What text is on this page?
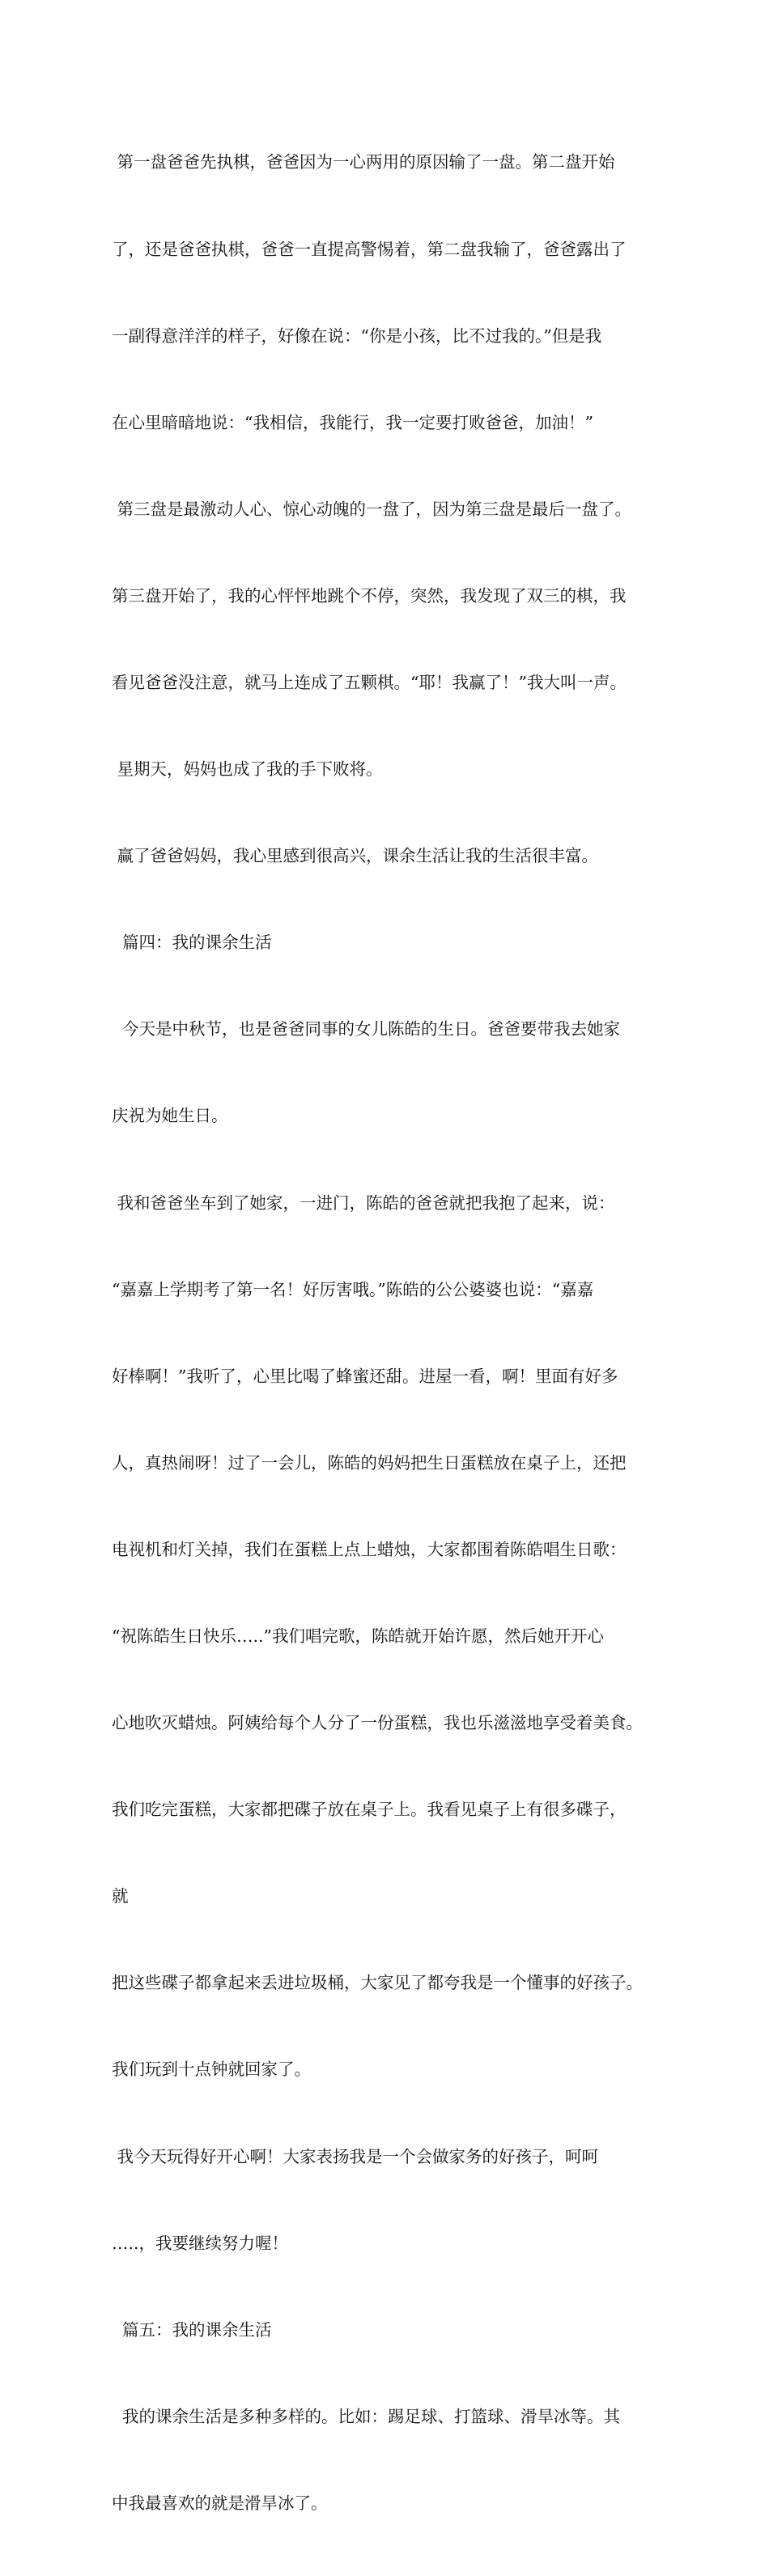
第一盘爸爸先执棋，爸爸因为一心两用的原因输了一盘。第二盘开始

了，还是爸爸执棋，爸爸一直提高警惕着，第二盘我输了，爸爸露出了

一副得意洋洋的样子，好像在说：“你是小孩，比不过我的。”但是我

在心里暗暗地说：“我相信，我能行，我一定要打败爸爸，加油！”

第三盘是最激动人心、惊心动魄的一盘了，因为第三盘是最后一盘了。

第三盘开始了，我的心怦怦地跳个不停，突然，我发现了双三的棋，我

看见爸爸没注意，就马上连成了五颗棋。“耶！我赢了！”我大叫一声。

星期天，妈妈也成了我的手下败将。

赢了爸爸妈妈，我心里感到很高兴，课余生活让我的生活很丰富。

篇四：我的课余生活

今天是中秋节，也是爸爸同事的女儿陈皓的生日。爸爸要带我去她家

庆祝为她生日。

我和爸爸坐车到了她家，一进门，陈皓的爸爸就把我抱了起来，说：

“嘉嘉上学期考了第一名！好厉害哦。”陈皓的公公婆婆也说：“嘉嘉

好棒啊！”我听了，心里比喝了蜂蜜还甜。进屋一看，啊！里面有好多

人，真热闹呀！过了一会儿，陈皓的妈妈把生日蛋糕放在桌子上，还把

电视机和灯关掉，我们在蛋糕上点上蜡烛，大家都围着陈皓唱生日歌：

“祝陈皓生日快乐…..”我们唱完歌，陈皓就开始许愿，然后她开开心

心地吹灭蜡烛。阿姨给每个人分了一份蛋糕，我也乐滋滋地享受着美食。

我们吃完蛋糕，大家都把碟子放在桌子上。我看见桌子上有很多碟子，

就

把这些碟子都拿起来丢进垃圾桶，大家见了都夸我是一个懂事的好孩子。

我们玩到十点钟就回家了。

我今天玩得好开心啊！大家表扬我是一个会做家务的好孩子，呵呵

…..，我要继续努力喔！

篇五：我的课余生活

我的课余生活是多种多样的。比如：踢足球、打篮球、滑旱冰等。其

中我最喜欢的就是滑旱冰了。
